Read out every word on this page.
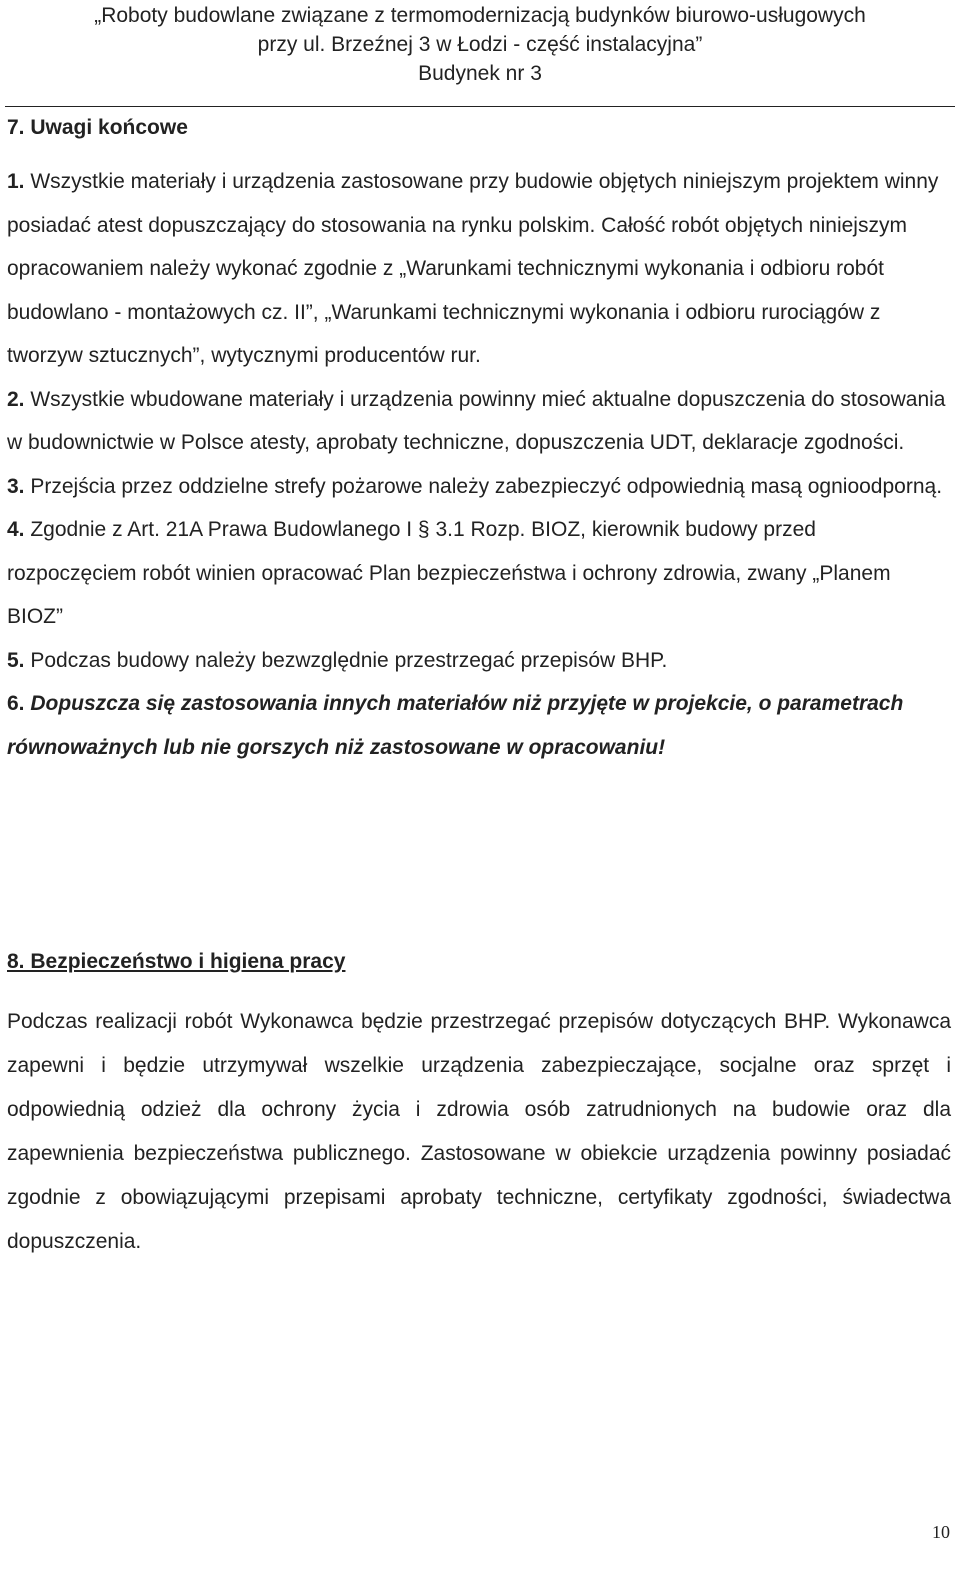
„Roboty budowlane związane z termomodernizacją budynków biurowo-usługowych
przy ul. Brzeźnej 3 w Łodzi - część instalacyjna”
Budynek nr 3
7. Uwagi końcowe

1. Wszystkie materiały i urządzenia zastosowane przy budowie objętych niniejszym projektem winny posiadać atest dopuszczający do stosowania na rynku polskim. Całość robót objętych niniejszym opracowaniem należy wykonać zgodnie z „Warunkami technicznymi wykonania i odbioru robót budowlano - montażowych cz. II”, „Warunkami technicznymi wykonania i odbioru rurociągów z tworzyw sztucznych”, wytycznymi producentów rur.

2. Wszystkie wbudowane materiały i urządzenia powinny mieć aktualne dopuszczenia do stosowania w budownictwie w Polsce atesty, aprobaty techniczne, dopuszczenia UDT, deklaracje zgodności.

3. Przejścia przez oddzielne strefy pożarowe należy zabezpieczyć odpowiednią masą ognioodporną.

4. Zgodnie z Art. 21A Prawa Budowlanego I § 3.1 Rozp. BIOZ, kierownik budowy przed rozpoczęciem robót winien opracować Plan bezpieczeństwa i ochrony zdrowia, zwany „Planem BIOZ”

5. Podczas budowy należy bezwzględnie przestrzegać przepisów BHP.

6. Dopuszcza się zastosowania innych materiałów niż przyjęte w projekcie, o parametrach równoważnych lub nie gorszych niż zastosowane w opracowaniu!

8. Bezpieczeństwo i higiena pracy
Podczas realizacji robót Wykonawca będzie przestrzegać przepisów dotyczących BHP. Wykonawca zapewni i będzie utrzymywał wszelkie urządzenia zabezpieczające, socjalne oraz sprzęt i odpowiednią odzież dla ochrony życia i zdrowia osób zatrudnionych na budowie oraz dla zapewnienia bezpieczeństwa publicznego. Zastosowane w obiekcie urządzenia powinny posiadać zgodnie z obowiązującymi przepisami aprobaty techniczne, certyfikaty zgodności, świadectwa dopuszczenia.
10
